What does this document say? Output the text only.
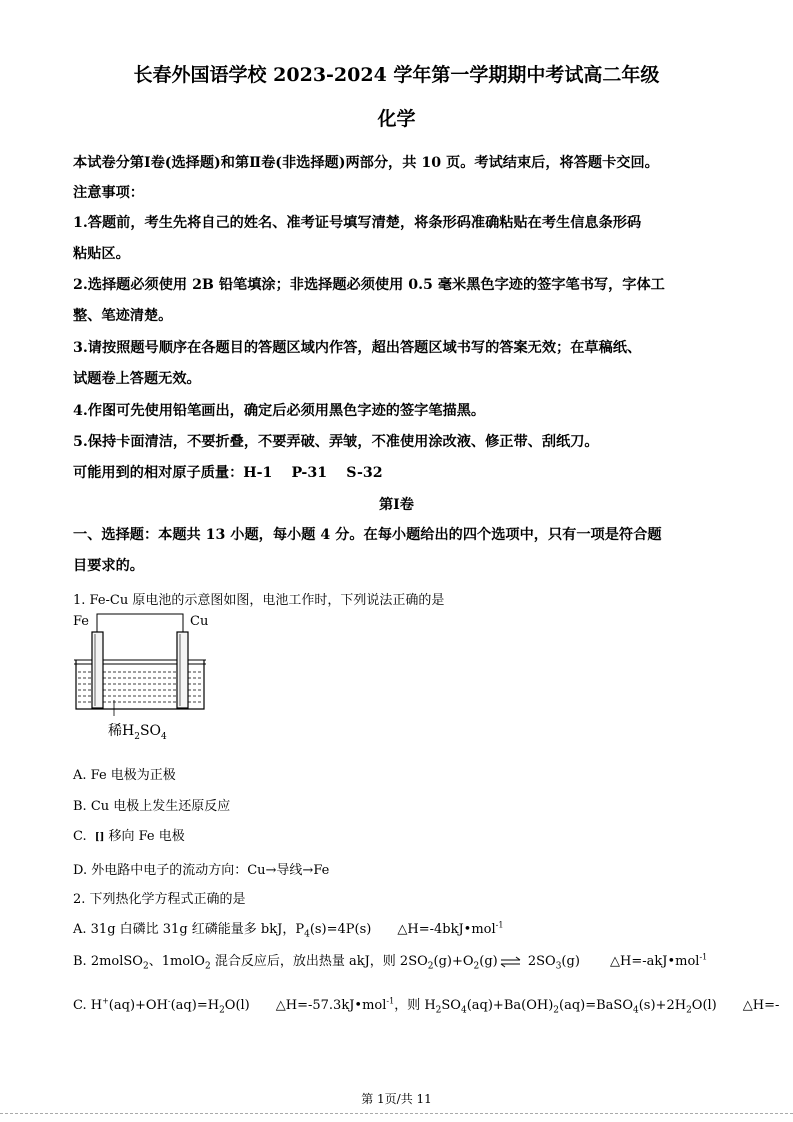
长春外国语学校 2023-2024 学年第一学期期中考试高二年级
化学
本试卷分第Ⅰ卷(选择题)和第Ⅱ卷(非选择题)两部分，共 10 页。考试结束后，将答题卡交回。
注意事项：
1.答题前，考生先将自己的姓名、准考证号填写清楚，将条形码准确粘贴在考生信息条形码
粘贴区。
2.选择题必须使用 2B 铅笔填涂；非选择题必须使用 0.5 毫米黑色字迹的签字笔书写，字体工
整、笔迹清楚。
3.请按照题号顺序在各题目的答题区域内作答，超出答题区域书写的答案无效；在草稿纸、
试题卷上答题无效。
4.作图可先使用铅笔画出，确定后必须用黑色字迹的签字笔描黑。
5.保持卡面清洁，不要折叠，不要弄破、弄皱，不准使用涂改液、修正带、刮纸刀。
可能用到的相对原子质量：H-1　 P-31　 S-32
第Ⅰ卷
一、选择题：本题共 13 小题，每小题 4 分。在每小题给出的四个选项中，只有一项是符合题
目要求的。
1. Fe-Cu 原电池的示意图如图，电池工作时，下列说法正确的是
Fe	Cu
稀$H_2SO_4$
A. Fe 电极为正极
B. Cu 电极上发生还原反应
C.  [] 移向 Fe 电极
D. 外电路中电子的流动方向：Cu→导线→Fe
2. 下列热化学方程式正确的是
A. 31g 白磷比 31g 红磷能量多 bkJ，$P_4(s)=4P(s)$　　△H=-4bkJ•mol$^{-1}$
B. 2molSO$_2$、1molO$_2$ 混合反应后，放出热量 akJ，则 $2SO_2(g)+O_2(g)\rightleftharpoons$ $2SO_3(g)$　　 △H=-akJ•mol$^{-1}$
C. $H^+(aq)+OH^-(aq)=H_2O(l)$　　△H=-57.3kJ•mol$^{-1}$，则 $H_2SO_4(aq)+Ba(OH)_2(aq)=BaSO_4(s)+2H_2O(l)$　　△H=-
第 1页/共 11
